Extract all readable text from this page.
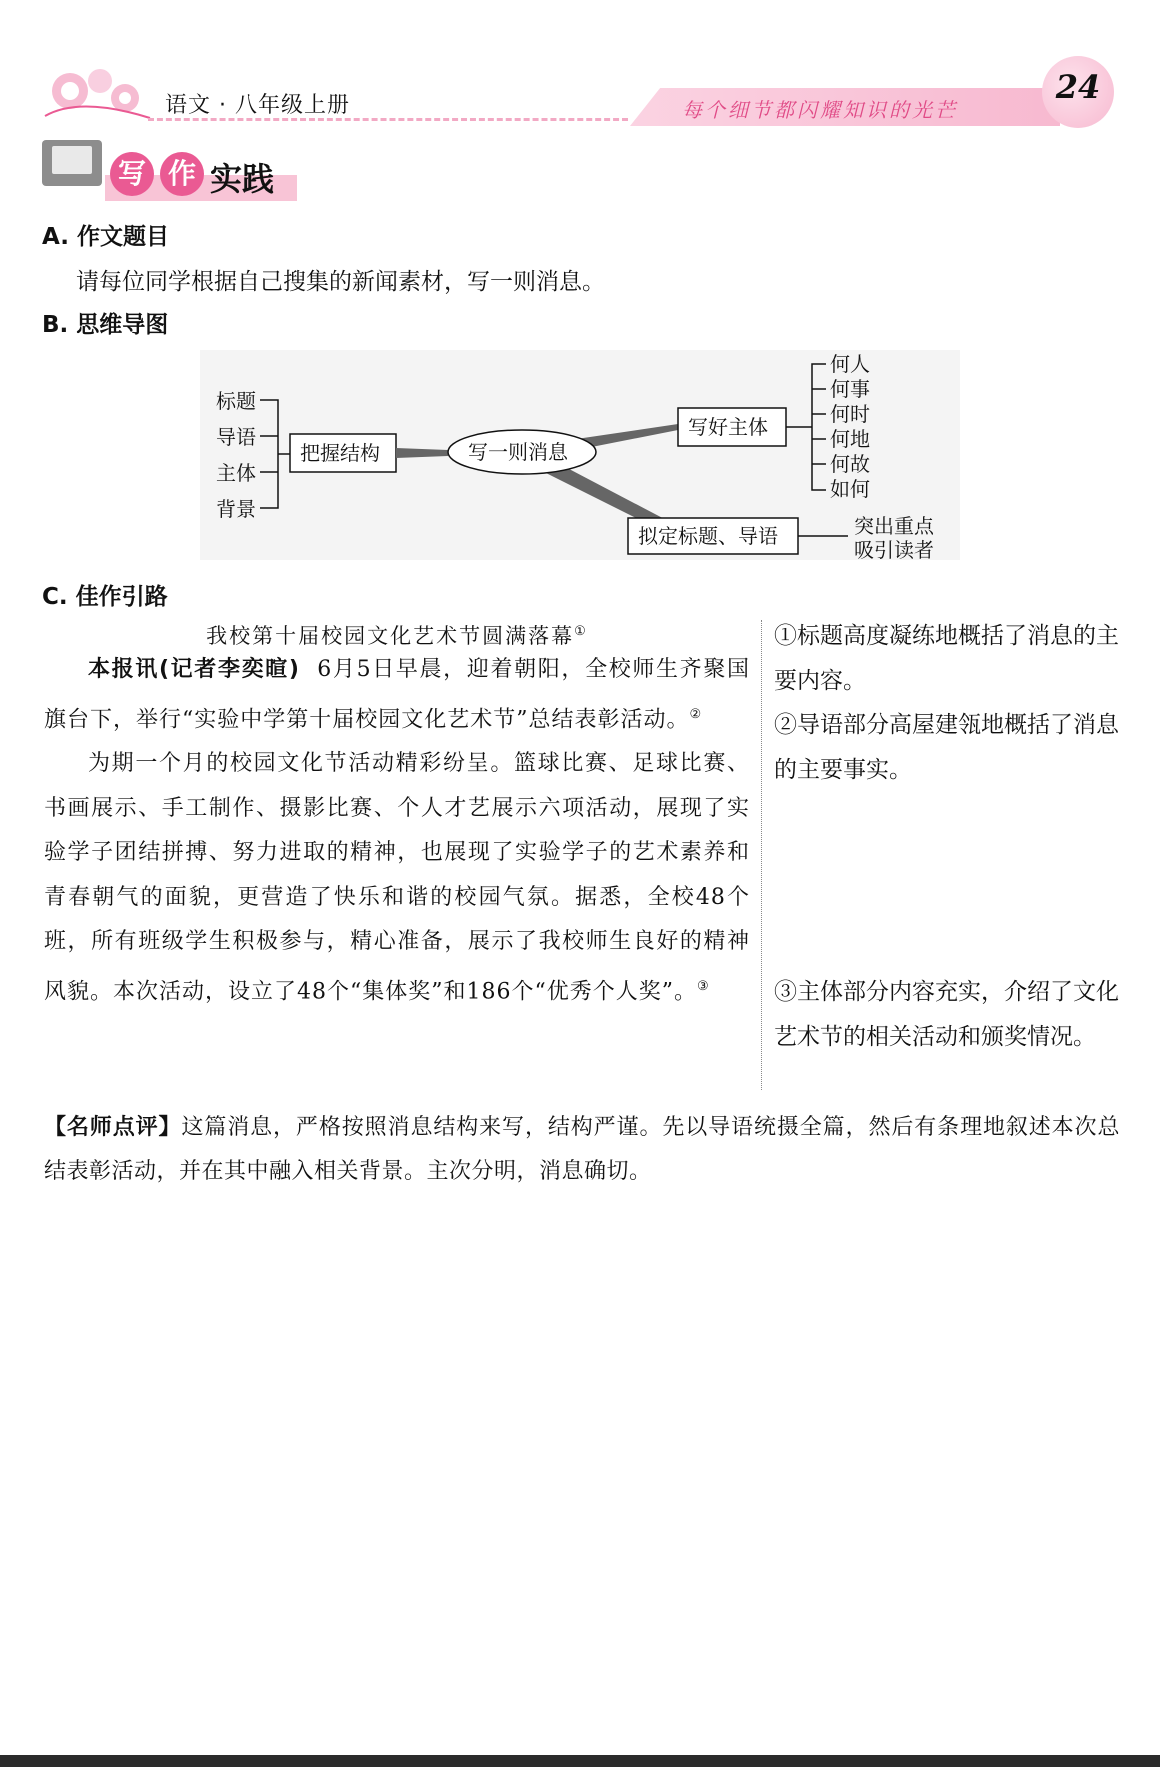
语文 · 八年级上册	每个细节都闪耀知识的光芒
24
写 作 实践
A. 作文题目
请每位同学根据自己搜集的新闻素材，写一则消息。
B. 思维导图
标题
导语
主体
背景
把握结构	写一则消息
写好主体
何人
何事
何时
何地
何故
如何
拟定标题、导语	突出重点
吸引读者
C. 佳作引路
我校第十届校园文化艺术节圆满落幕①

本报讯(记者李奕暄) 6月5日早晨，迎着朝阳，全校师生齐聚国旗台下，举行“实验中学第十届校园文化艺术节”总结表彰活动。②

为期一个月的校园文化节活动精彩纷呈。篮球比赛、足球比赛、书画展示、手工制作、摄影比赛、个人才艺展示六项活动，展现了实验学子团结拼搏、努力进取的精神，也展现了实验学子的艺术素养和青春朝气的面貌，更营造了快乐和谐的校园气氛。据悉，全校48个班，所有班级学生积极参与，精心准备，展示了我校师生良好的精神风貌。本次活动，设立了48个“集体奖”和186个“优秀个人奖”。③

①标题高度凝练地概括了消息的主要内容。
②导语部分高屋建瓴地概括了消息的主要事实。
③主体部分内容充实，介绍了文化艺术节的相关活动和颁奖情况。
【名师点评】这篇消息，严格按照消息结构来写，结构严谨。先以导语统摄全篇，然后有条理地叙述本次总结表彰活动，并在其中融入相关背景。主次分明，消息确切。
